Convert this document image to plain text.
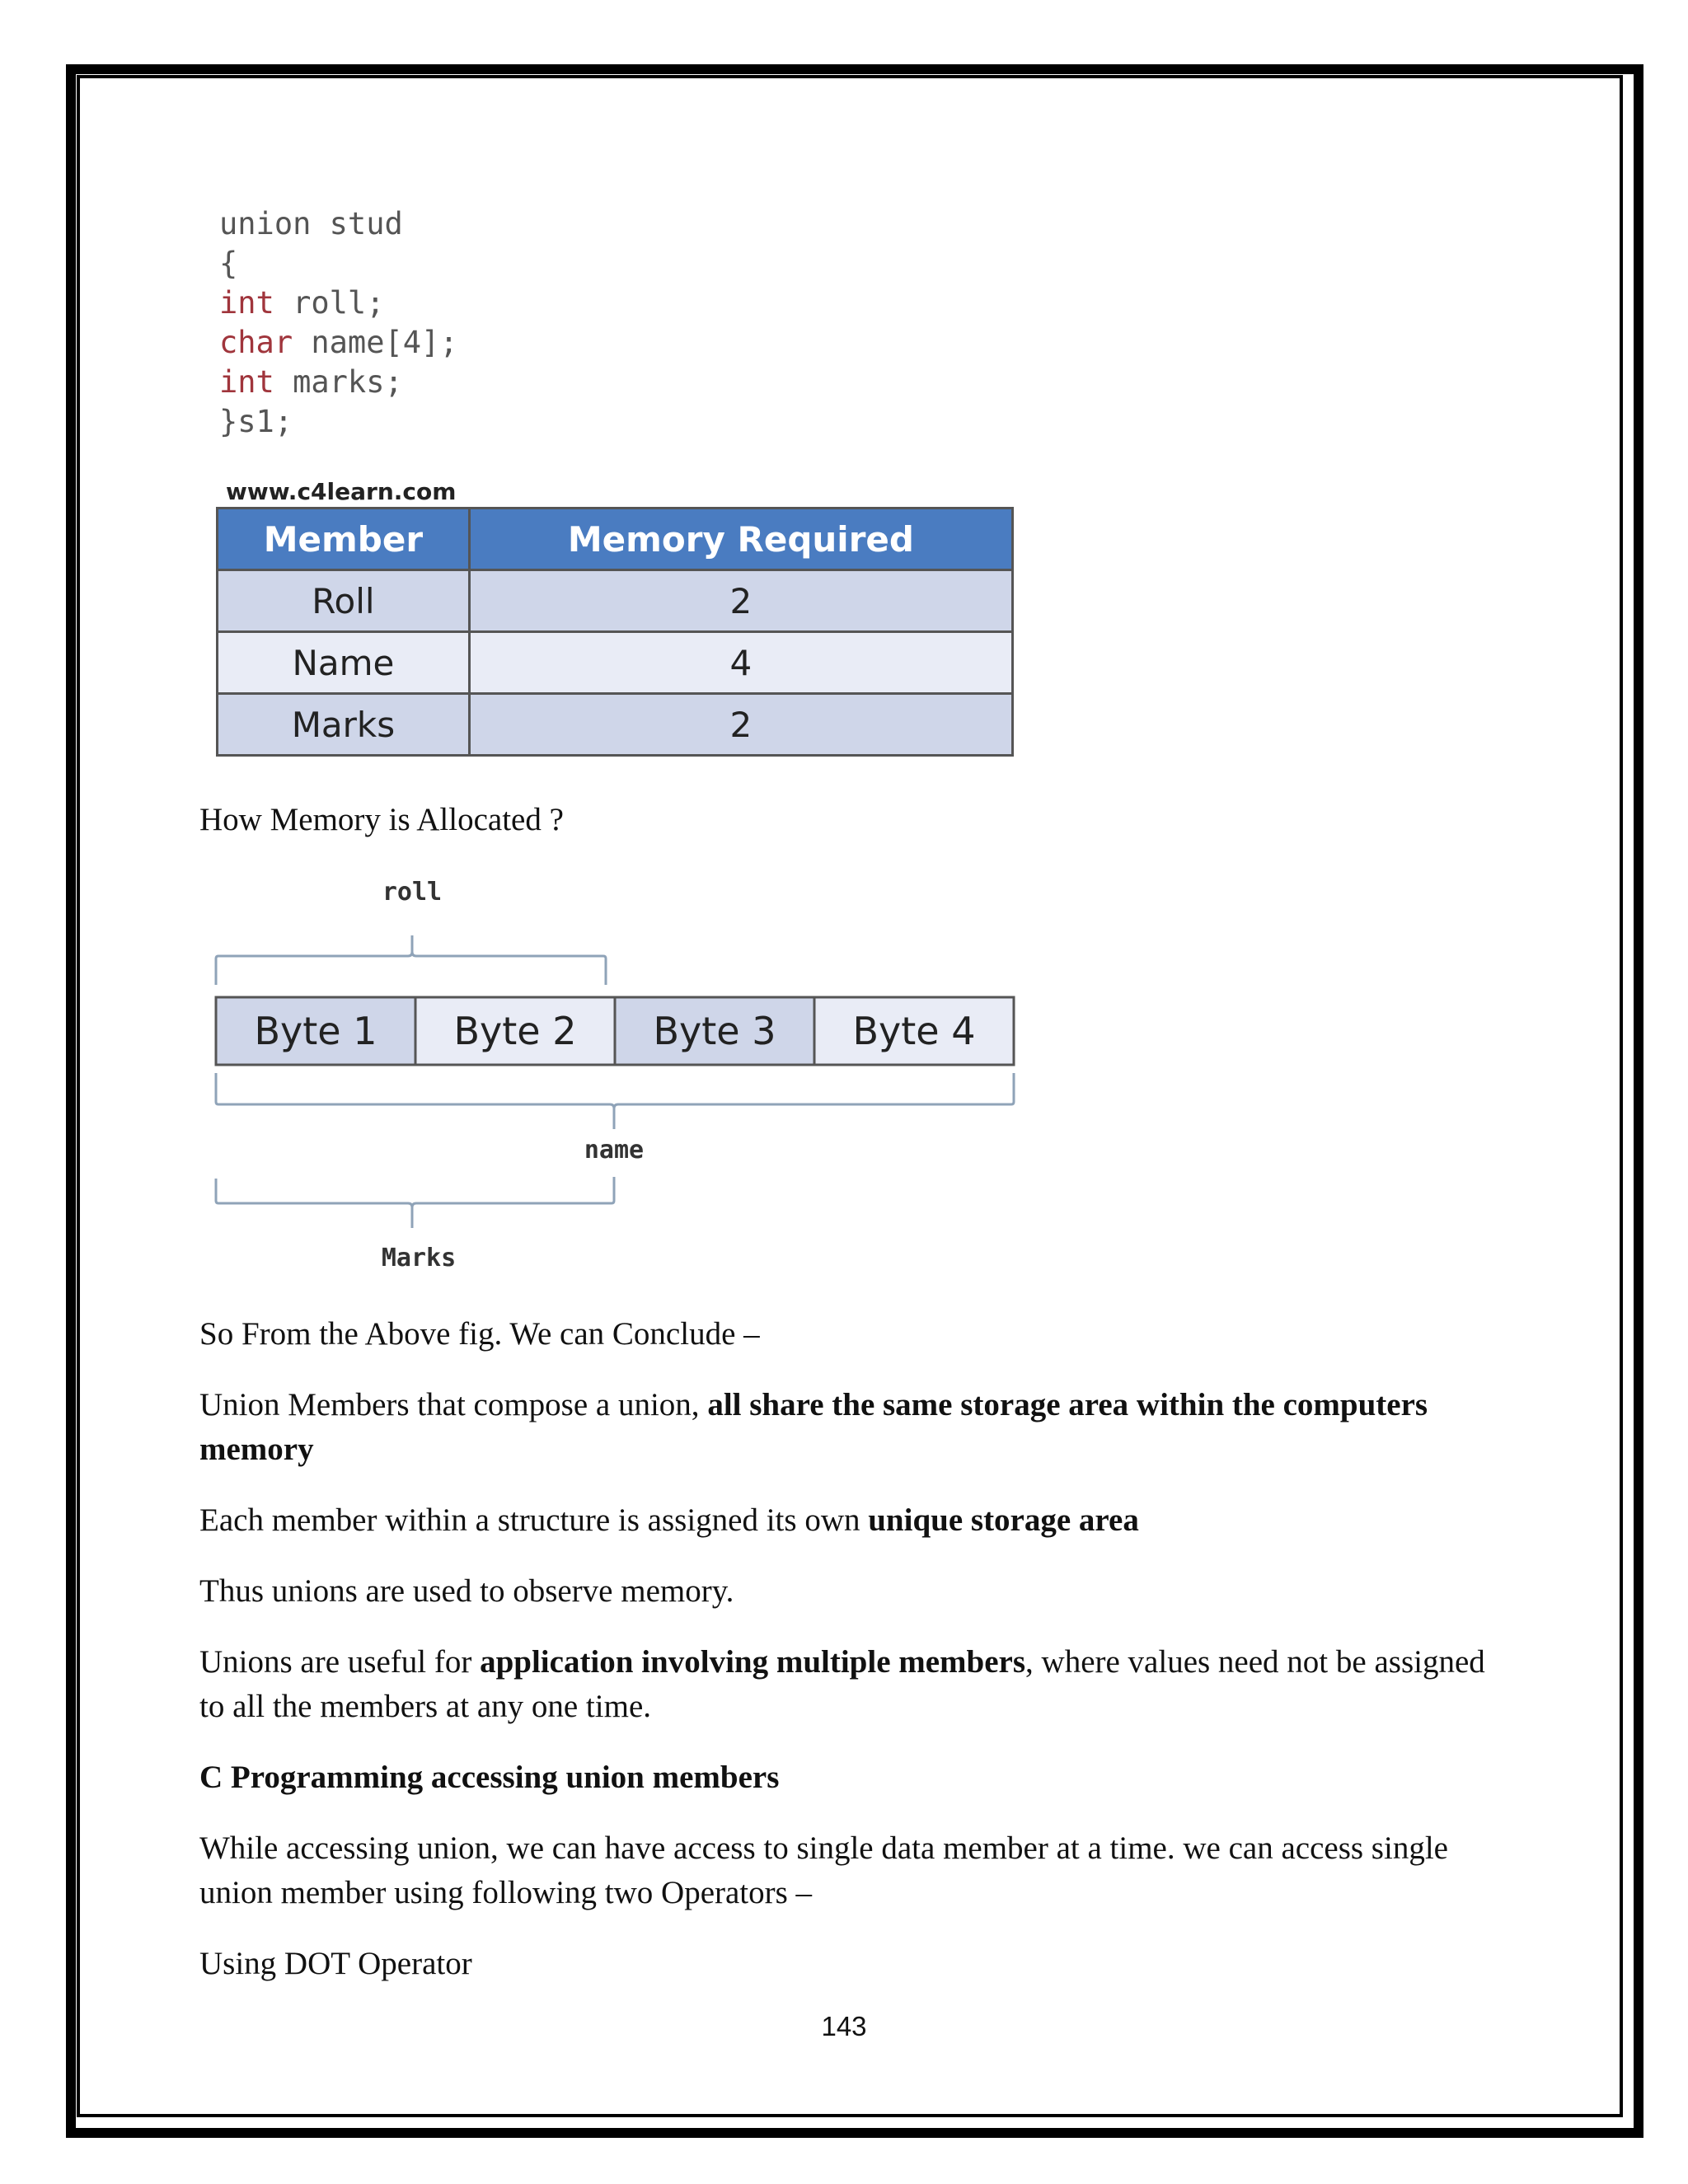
union stud
{
int roll;
char name[4];
int marks;
}s1;
www.c4learn.com
Member	Memory Required
Roll	2
Name	4
Marks	2
How Memory is Allocated ?
roll
Byte 1 Byte 2 Byte 3 Byte 4
name
Marks
So From the Above fig. We can Conclude –
Union Members that compose a union, all share the same storage area within the computers memory
Each member within a structure is assigned its own unique storage area
Thus unions are used to observe memory.
Unions are useful for application involving multiple members, where values need not be assigned to all the members at any one time.
C Programming accessing union members
While accessing union, we can have access to single data member at a time. we can access single union member using following two Operators –
Using DOT Operator
143
